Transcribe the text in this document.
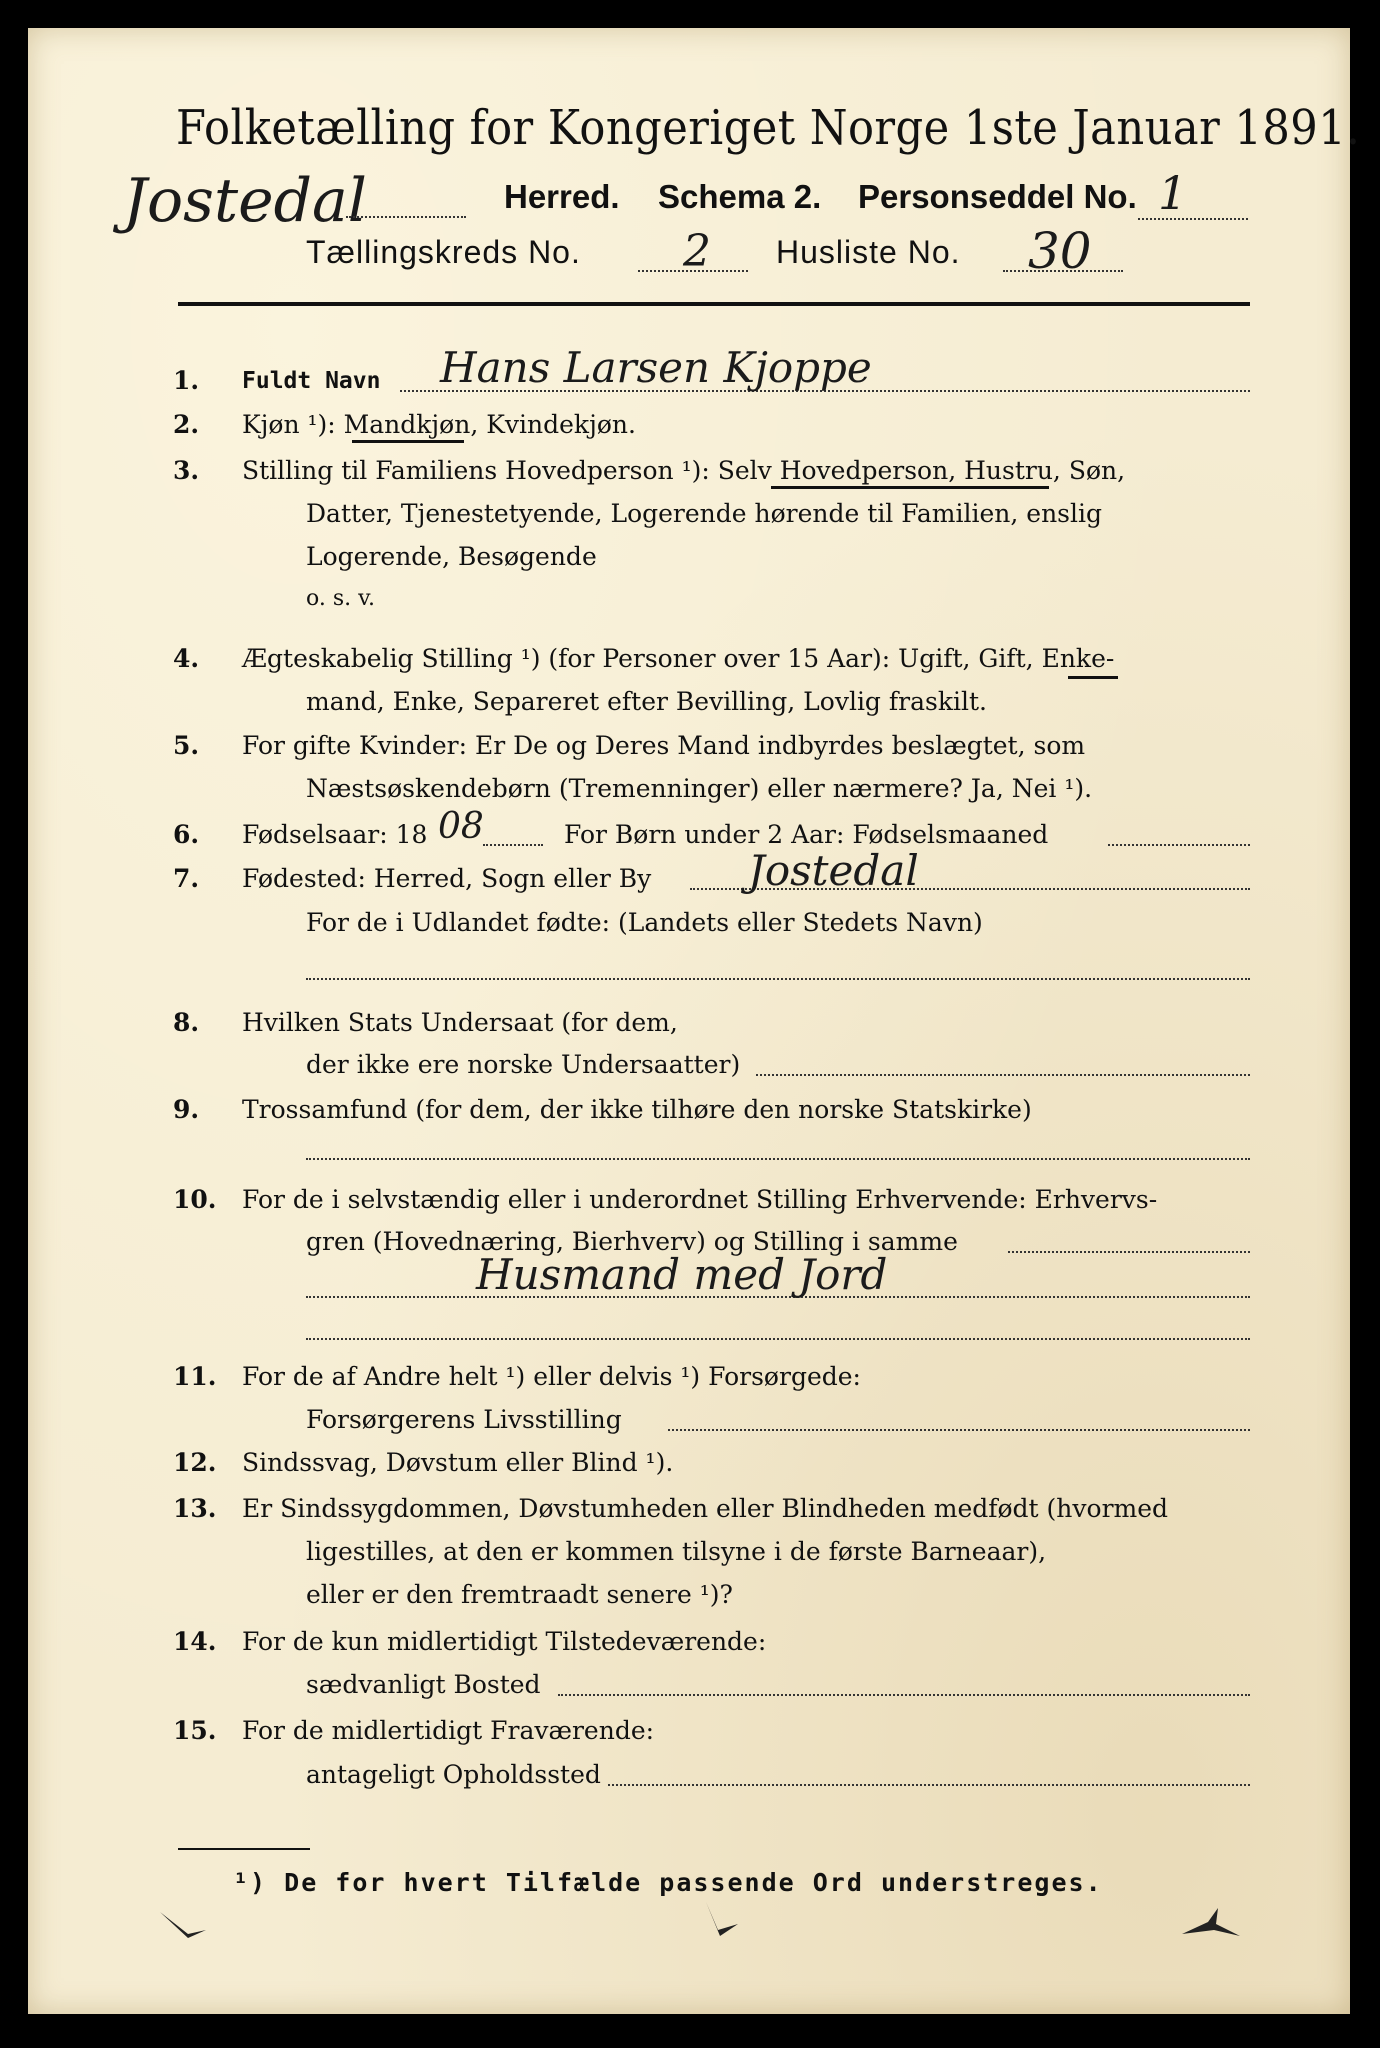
Folketælling for Kongeriget Norge 1ste Januar 1891.
Jostedal	Herred. Schema 2. Personseddel No. 1
Tællingskreds No. 2 Husliste No. 30
1. Fuldt Navn Hans Larsen Kjoppe
2. Kjøn ¹): Mandkjøn, Kvindekjøn.
3. Stilling til Familiens Hovedperson ¹): Selv Hovedperson, Hustru, Søn,
Datter, Tjenestetyende, Logerende hørende til Familien, enslig
Logerende, Besøgende
o. s. v.
4. Ægteskabelig Stilling ¹) (for Personer over 15 Aar): Ugift, Gift, Enke-
mand, Enke, Separeret efter Bevilling, Lovlig fraskilt.
5. For gifte Kvinder: Er De og Deres Mand indbyrdes beslægtet, som
Næstsøskendebørn (Tremenninger) eller nærmere? Ja, Nei ¹).
6. Fødselsaar: 18 08	For Børn under 2 Aar: Fødselsmaaned
7. Fødested: Herred, Sogn eller By Jostedal
For de i Udlandet fødte: (Landets eller Stedets Navn)
8. Hvilken Stats Undersaat (for dem,
der ikke ere norske Undersaatter)
9. Trossamfund (for dem, der ikke tilhøre den norske Statskirke)
10. For de i selvstændig eller i underordnet Stilling Erhvervende: Erhvervs-
gren (Hovednæring, Bierhverv) og Stilling i samme
Husmand med Jord
11. For de af Andre helt ¹) eller delvis ¹) Forsørgede:
Forsørgerens Livsstilling
12. Sindssvag, Døvstum eller Blind ¹).
13. Er Sindssygdommen, Døvstumheden eller Blindheden medfødt (hvormed
ligestilles, at den er kommen tilsyne i de første Barneaar),
eller er den fremtraadt senere ¹)?
14. For de kun midlertidigt Tilstedeværende:
sædvanligt Bosted
15. For de midlertidigt Fraværende:
antageligt Opholdssted
¹) De for hvert Tilfælde passende Ord understreges.
